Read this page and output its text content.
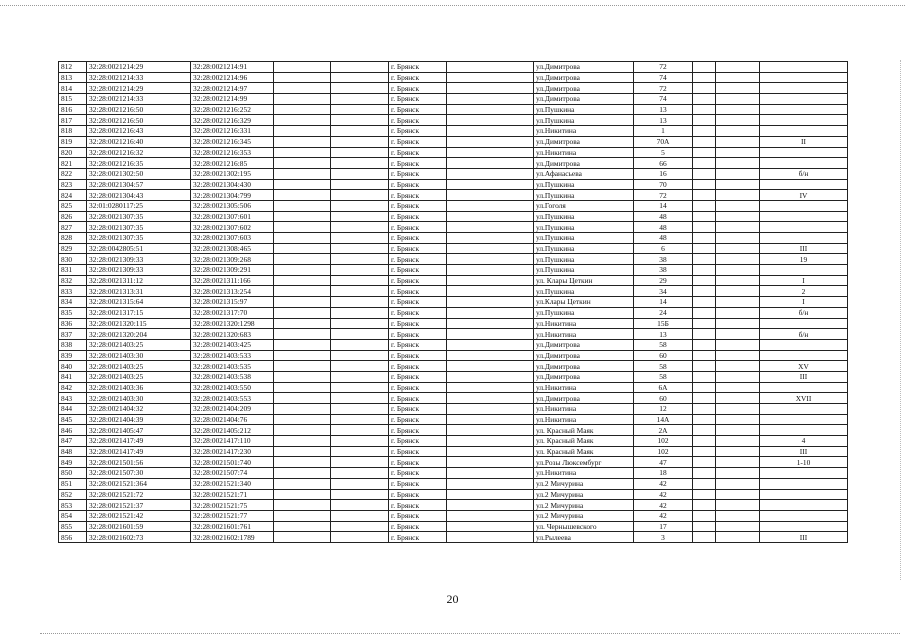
812	32:28:0021214:29	32:28:0021214:91			г. Брянск		ул.Димитрова	72			
813	32:28:0021214:33	32:28:0021214:96			г. Брянск		ул.Димитрова	74			
814	32:28:0021214:29	32:28:0021214:97			г. Брянск		ул.Димитрова	72			
815	32:28:0021214:33	32:28:0021214:99			г. Брянск		ул.Димитрова	74			
816	32:28:0021216:50	32:28:0021216:252			г. Брянск		ул.Пушкина	13			
817	32:28:0021216:50	32:28:0021216:329			г. Брянск		ул.Пушкина	13			
818	32:28:0021216:43	32:28:0021216:331			г. Брянск		ул.Никитина	1			
819	32:28:0021216:40	32:28:0021216:345			г. Брянск		ул.Димитрова	70А			II
820	32:28:0021216:32	32:28:0021216:353			г. Брянск		ул.Никитина	5			
821	32:28:0021216:35	32:28:0021216:85			г. Брянск		ул.Димитрова	66			
822	32:28:0021302:50	32:28:0021302:195			г. Брянск		ул.Афанасьева	16			б/н
823	32:28:0021304:57	32:28:0021304:430			г. Брянск		ул.Пушкина	70			
824	32:28:0021304:43	32:28:0021304:799			г. Брянск		ул.Пушкина	72			IV
825	32:01:0280117:25	32:28:0021305:506			г. Брянск		ул.Гоголя	14			
826	32:28:0021307:35	32:28:0021307:601			г. Брянск		ул.Пушкина	48			
827	32:28:0021307:35	32:28:0021307:602			г. Брянск		ул.Пушкина	48			
828	32:28:0021307:35	32:28:0021307:603			г. Брянск		ул.Пушкина	48			
829	32:28:0042805:51	32:28:0021308:465			г. Брянск		ул.Пушкина	6			III
830	32:28:0021309:33	32:28:0021309:268			г. Брянск		ул.Пушкина	38			19
831	32:28:0021309:33	32:28:0021309:291			г. Брянск		ул.Пушкина	38			
832	32:28:0021311:12	32:28:0021311:166			г. Брянск		ул. Клары Цеткин	29			I
833	32:28:0021313:31	32:28:0021313:254			г. Брянск		ул.Пушкина	34			2
834	32:28:0021315:64	32:28:0021315:97			г. Брянск		ул.Клары Цеткин	14			I
835	32:28:0021317:15	32:28:0021317:70			г. Брянск		ул.Пушкина	24			б/н
836	32:28:0021320:115	32:28:0021320:1298			г. Брянск		ул.Никитина	15Б			
837	32:28:0021320:204	32:28:0021320:683			г. Брянск		ул.Никитина	13			б/н
838	32:28:0021403:25	32:28:0021403:425			г. Брянск		ул.Димитрова	58			
839	32:28:0021403:30	32:28:0021403:533			г. Брянск		ул.Димитрова	60			
840	32:28:0021403:25	32:28:0021403:535			г. Брянск		ул.Димитрова	58			XV
841	32:28:0021403:25	32:28:0021403:538			г. Брянск		ул.Димитрова	58			III
842	32:28:0021403:36	32:28:0021403:550			г. Брянск		ул.Никитина	6А			
843	32:28:0021403:30	32:28:0021403:553			г. Брянск		ул.Димитрова	60			XVII
844	32:28:0021404:32	32:28:0021404:209			г. Брянск		ул.Никитина	12			
845	32:28:0021404:39	32:28:0021404:76			г. Брянск		ул.Никитина	14А			
846	32:28:0021405:47	32:28:0021405:212			г. Брянск		ул. Красный Маяк	2А			
847	32:28:0021417:49	32:28:0021417:110			г. Брянск		ул. Красный Маяк	102			4
848	32:28:0021417:49	32:28:0021417:230			г. Брянск		ул. Красный Маяк	102			III
849	32:28:0021501:56	32:28:0021501:740			г. Брянск		ул.Розы Люксембург	47			1-10
850	32:28:0021507:30	32:28:0021507:74			г. Брянск		ул.Никитина	18			
851	32:28:0021521:364	32:28:0021521:340			г. Брянск		ул.2 Мичурина	42			
852	32:28:0021521:72	32:28:0021521:71			г. Брянск		ул.2 Мичурина	42			
853	32:28:0021521:37	32:28:0021521:75			г. Брянск		ул.2 Мичурина	42			
854	32:28:0021521:42	32:28:0021521:77			г. Брянск		ул.2 Мичурина	42			
855	32:28:0021601:59	32:28:0021601:761			г. Брянск		ул. Чернышевского	17			
856	32:28:0021602:73	32:28:0021602:1789			г. Брянск		ул.Рылеева	3			III
20
